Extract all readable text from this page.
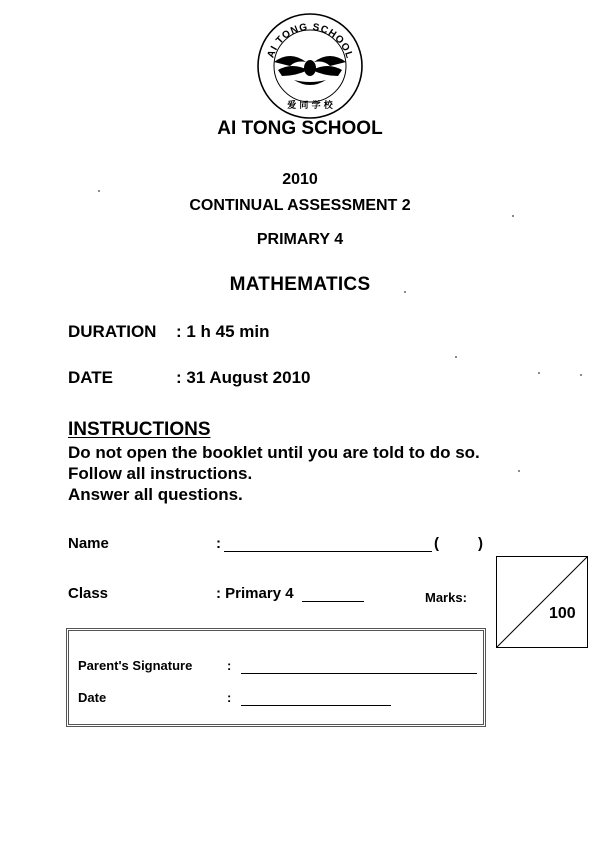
AI TONG SCHOOL
爱 同 学 校
AI TONG SCHOOL
2010
CONTINUAL ASSESSMENT 2
PRIMARY 4
MATHEMATICS
DURATION : 1 h 45 min
DATE	: 31 August 2010
INSTRUCTIONS
Do not open the booklet until you are told to do so.
Follow all instructions.
Answer all questions.
Name	:	(	)
Class	: Primary 4	Marks:
100
Parent's Signature	:
Date	:
